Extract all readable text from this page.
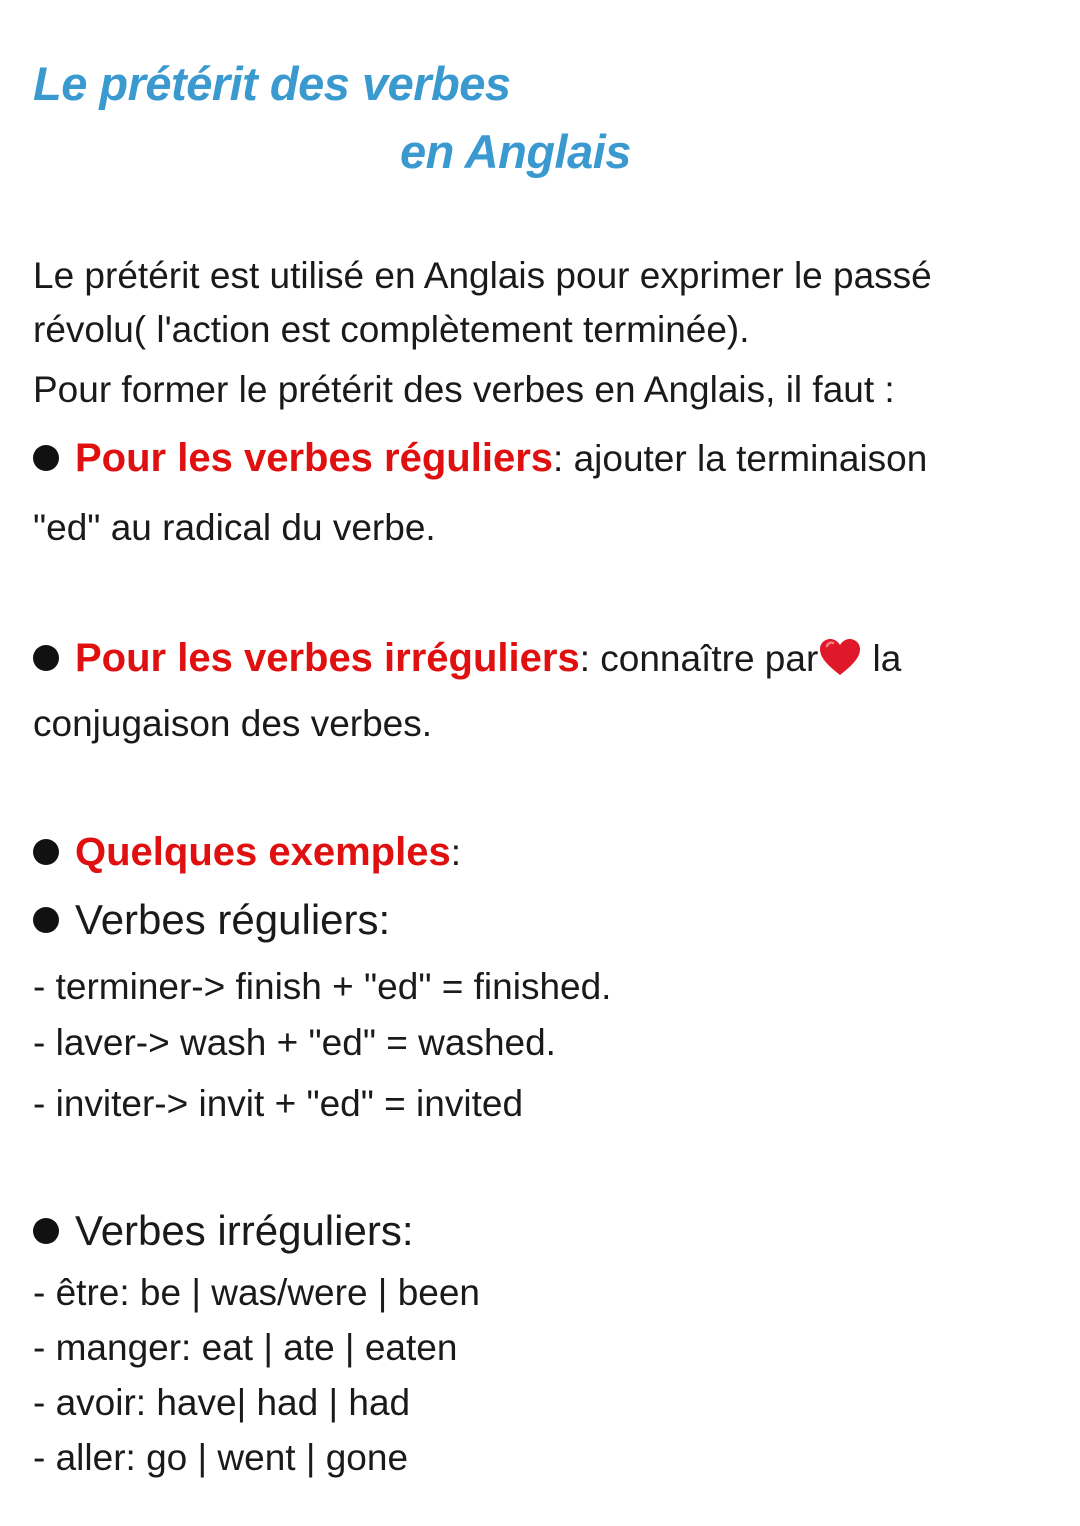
Le prétérit des verbes
en Anglais
Le prétérit est utilisé en Anglais pour exprimer le passé
révolu( l'action est complètement terminée).
Pour former le prétérit des verbes en Anglais, il faut :
Pour les verbes réguliers: ajouter la terminaison
"ed" au radical du verbe.
Pour les verbes irréguliers: connaître par la
conjugaison des verbes.
Quelques exemples:
Verbes réguliers:
- terminer-> finish + "ed" = finished.
- laver-> wash + "ed" = washed.
- inviter-> invit + "ed" = invited
Verbes irréguliers:
- être: be | was/were | been
- manger: eat | ate | eaten
- avoir: have| had | had
- aller: go | went | gone
